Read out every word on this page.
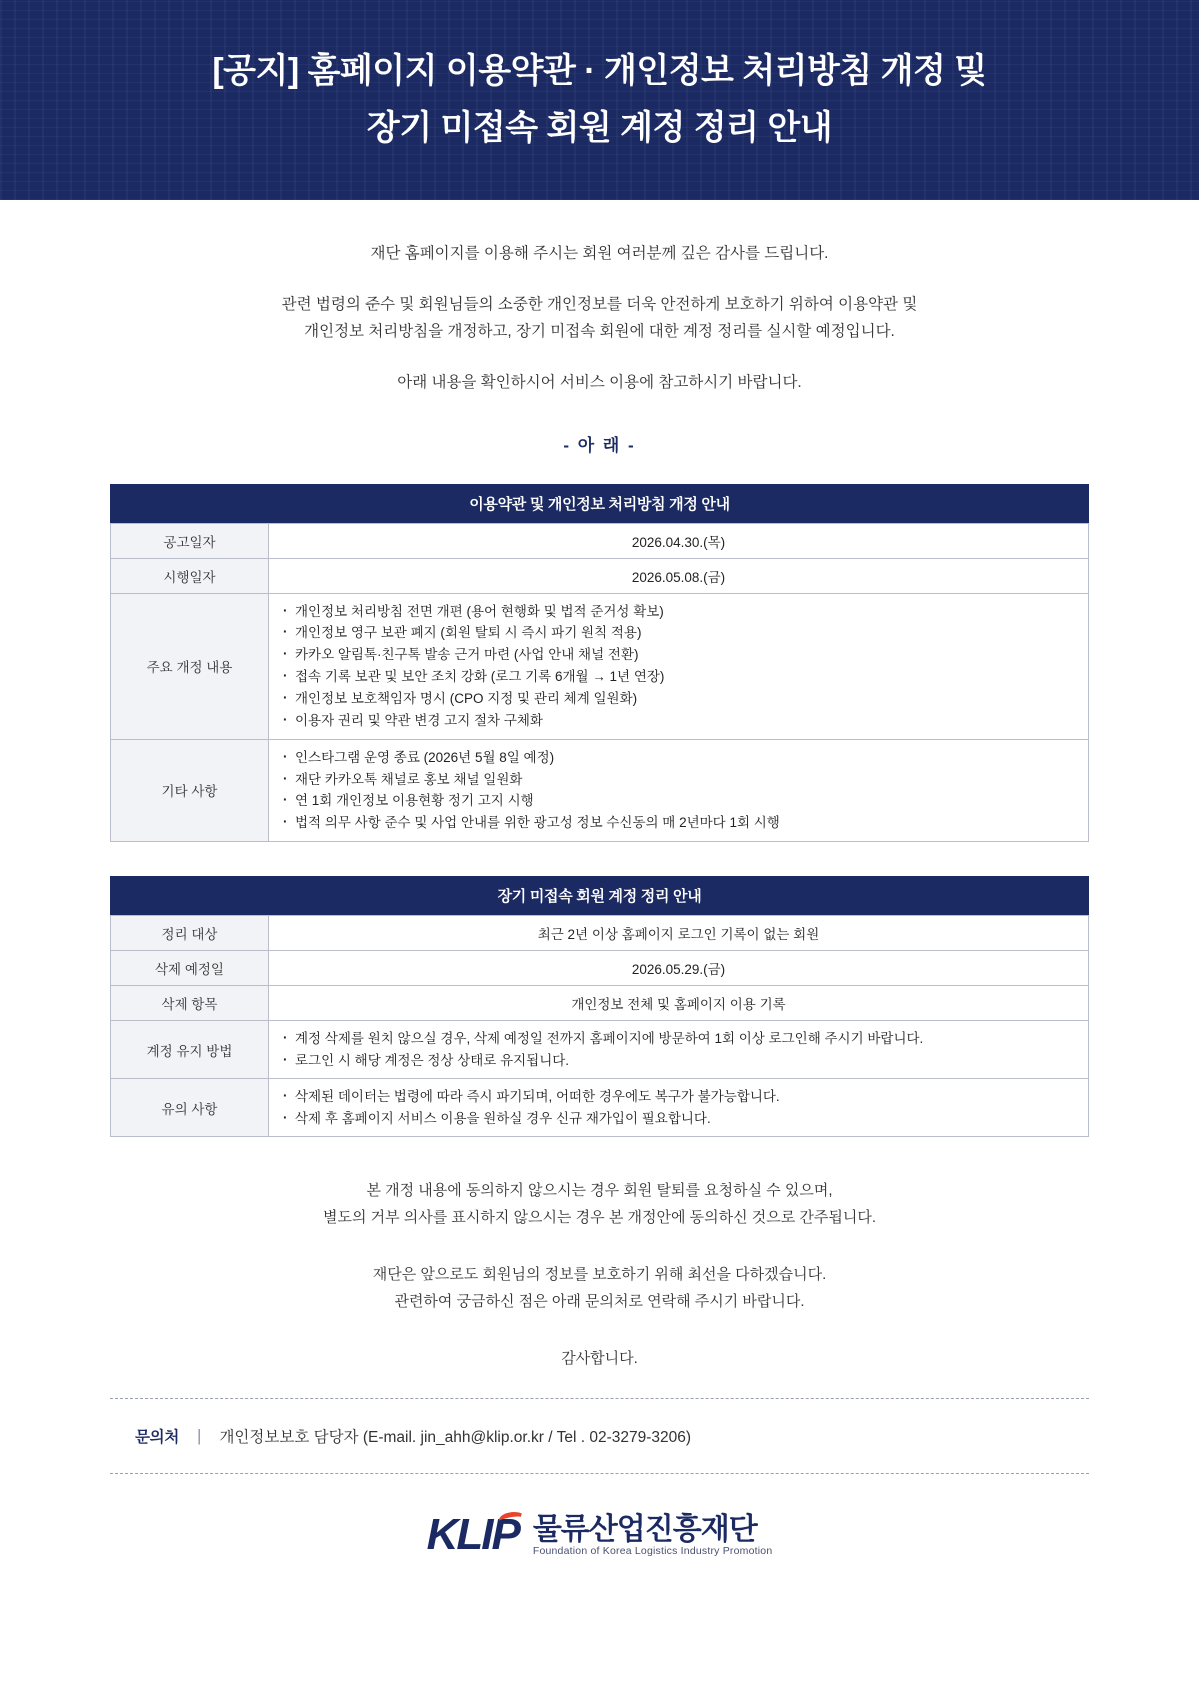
[공지] 홈페이지 이용약관 · 개인정보 처리방침 개정 및
장기 미접속 회원 계정 정리 안내

재단 홈페이지를 이용해 주시는 회원 여러분께 깊은 감사를 드립니다.

관련 법령의 준수 및 회원님들의 소중한 개인정보를 더욱 안전하게 보호하기 위하여 이용약관 및

개인정보 처리방침을 개정하고, 장기 미접속 회원에 대한 계정 정리를 실시할 예정입니다.

아래 내용을 확인하시어 서비스 이용에 참고하시기 바랍니다.

- 아 래 -
이용약관 및 개인정보 처리방침 개정 안내
공고일자	2026.04.30.(목)
시행일자	2026.05.08.(금)
주요 개정 내용	
· 개인정보 처리방침 전면 개편 (용어 현행화 및 법적 준거성 확보)
· 개인정보 영구 보관 폐지 (회원 탈퇴 시 즉시 파기 원칙 적용)
· 카카오 알림톡·친구톡 발송 근거 마련 (사업 안내 채널 전환)
· 접속 기록 보관 및 보안 조치 강화 (로그 기록 6개월 → 1년 연장)
· 개인정보 보호책임자 명시 (CPO 지정 및 관리 체계 일원화)
· 이용자 권리 및 약관 변경 고지 절차 구체화

기타 사항	
· 인스타그램 운영 종료 (2026년 5월 8일 예정)
· 재단 카카오톡 채널로 홍보 채널 일원화
· 연 1회 개인정보 이용현황 정기 고지 시행
· 법적 의무 사항 준수 및 사업 안내를 위한 광고성 정보 수신동의 매 2년마다 1회 시행
장기 미접속 회원 계정 정리 안내
정리 대상	최근 2년 이상 홈페이지 로그인 기록이 없는 회원
삭제 예정일	2026.05.29.(금)
삭제 항목	개인정보 전체 및 홈페이지 이용 기록
계정 유지 방법	
· 계정 삭제를 원치 않으실 경우, 삭제 예정일 전까지 홈페이지에 방문하여 1회 이상 로그인해 주시기 바랍니다.
· 로그인 시 해당 계정은 정상 상태로 유지됩니다.

유의 사항	
· 삭제된 데이터는 법령에 따라 즉시 파기되며, 어떠한 경우에도 복구가 불가능합니다.
· 삭제 후 홈페이지 서비스 이용을 원하실 경우 신규 재가입이 필요합니다.

본 개정 내용에 동의하지 않으시는 경우 회원 탈퇴를 요청하실 수 있으며,

별도의 거부 의사를 표시하지 않으시는 경우 본 개정안에 동의하신 것으로 간주됩니다.

재단은 앞으로도 회원님의 정보를 보호하기 위해 최선을 다하겠습니다.

관련하여 궁금하신 점은 아래 문의처로 연락해 주시기 바랍니다.

감사합니다.

문의처 | 개인정보보호 담당자 (E-mail. jin_ahh@klip.or.kr / Tel . 02-3279-3206)
KLIP 물류산업진흥재단
Foundation of Korea Logistics Industry Promotion
